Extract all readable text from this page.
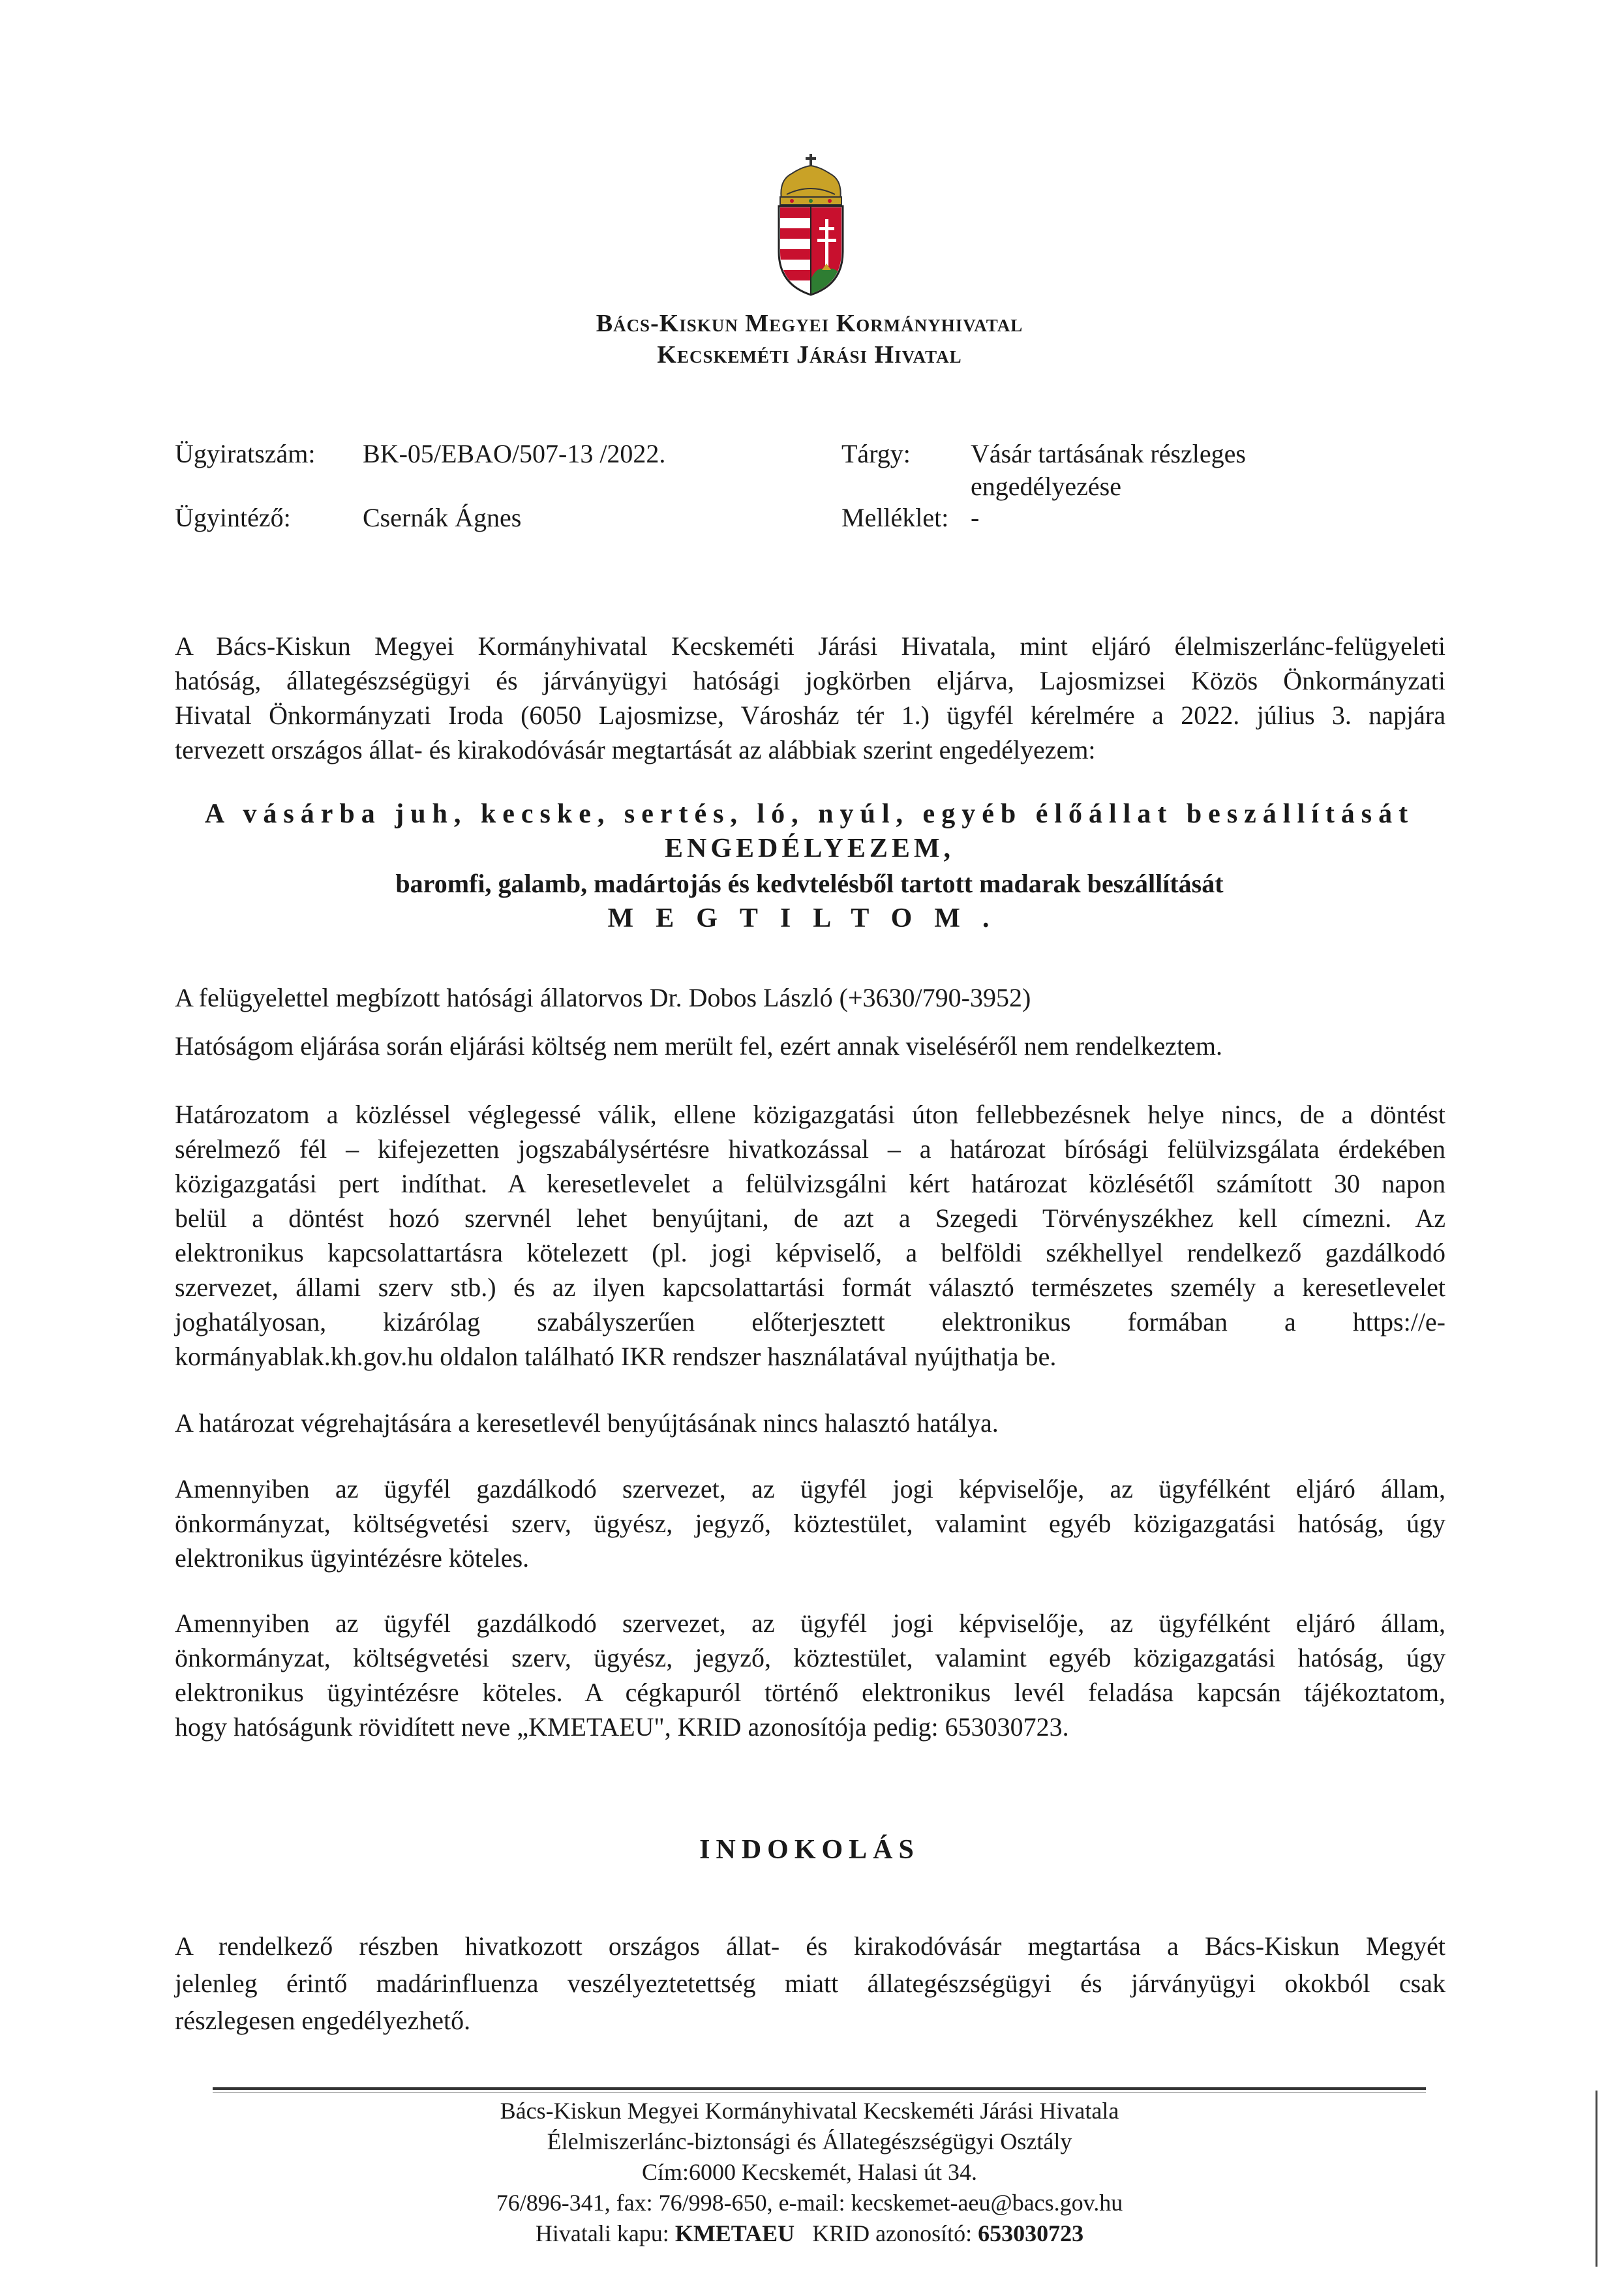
Bács-Kiskun Megyei Kormányhivatal
Kecskeméti Járási Hivatal
Ügyiratszám: BK-05/EBAO/507-13 /2022.
Ügyintéző:	Csernák Ágnes
Tárgy: Vásár tartásának részleges
engedélyezése
Melléklet: -
A Bács-Kiskun Megyei Kormányhivatal Kecskeméti Járási Hivatala, mint eljáró élelmiszerlánc-felügyeleti
hatóság, állategészségügyi és járványügyi hatósági jogkörben eljárva, Lajosmizsei Közös Önkormányzati
Hivatal Önkormányzati Iroda (6050 Lajosmizse, Városház tér 1.) ügyfél kérelmére a 2022. július 3. napjára
tervezett országos állat- és kirakodóvásár megtartását az alábbiak szerint engedélyezem:
A vásárba juh, kecske, sertés, ló, nyúl, egyéb élőállat beszállítását
ENGEDÉLYEZEM,
baromfi, galamb, madártojás és kedvtelésből tartott madarak beszállítását
MEGTILTOM.
A felügyelettel megbízott hatósági állatorvos Dr. Dobos László (+3630/790-3952)
Hatóságom eljárása során eljárási költség nem merült fel, ezért annak viseléséről nem rendelkeztem.
Határozatom a közléssel véglegessé válik, ellene közigazgatási úton fellebbezésnek helye nincs, de a döntést
sérelmező fél – kifejezetten jogszabálysértésre hivatkozással – a határozat bírósági felülvizsgálata érdekében
közigazgatási pert indíthat. A keresetlevelet a felülvizsgálni kért határozat közlésétől számított 30 napon
belül a döntést hozó szervnél lehet benyújtani, de azt a Szegedi Törvényszékhez kell címezni. Az
elektronikus kapcsolattartásra kötelezett (pl. jogi képviselő, a belföldi székhellyel rendelkező gazdálkodó
szervezet, állami szerv stb.) és az ilyen kapcsolattartási formát választó természetes személy a keresetlevelet
joghatályosan, kizárólag szabályszerűen előterjesztett elektronikus formában a https://e-
kormányablak.kh.gov.hu oldalon található IKR rendszer használatával nyújthatja be.
A határozat végrehajtására a keresetlevél benyújtásának nincs halasztó hatálya.
Amennyiben az ügyfél gazdálkodó szervezet, az ügyfél jogi képviselője, az ügyfélként eljáró állam,
önkormányzat, költségvetési szerv, ügyész, jegyző, köztestület, valamint egyéb közigazgatási hatóság, úgy
elektronikus ügyintézésre köteles.
Amennyiben az ügyfél gazdálkodó szervezet, az ügyfél jogi képviselője, az ügyfélként eljáró állam,
önkormányzat, költségvetési szerv, ügyész, jegyző, köztestület, valamint egyéb közigazgatási hatóság, úgy
elektronikus ügyintézésre köteles. A cégkapuról történő elektronikus levél feladása kapcsán tájékoztatom,
hogy hatóságunk rövidített neve „KMETAEU", KRID azonosítója pedig: 653030723.
INDOKOLÁS
A rendelkező részben hivatkozott országos állat- és kirakodóvásár megtartása a Bács-Kiskun Megyét
jelenleg érintő madárinfluenza veszélyeztetettség miatt állategészségügyi és járványügyi okokból csak
részlegesen engedélyezhető.
Bács-Kiskun Megyei Kormányhivatal Kecskeméti Járási Hivatala
Élelmiszerlánc-biztonsági és Állategészségügyi Osztály
Cím:6000 Kecskemét, Halasi út 34.
76/896-341, fax: 76/998-650, e-mail: kecskemet-aeu@bacs.gov.hu
Hivatali kapu: KMETAEU KRID azonosító: 653030723
